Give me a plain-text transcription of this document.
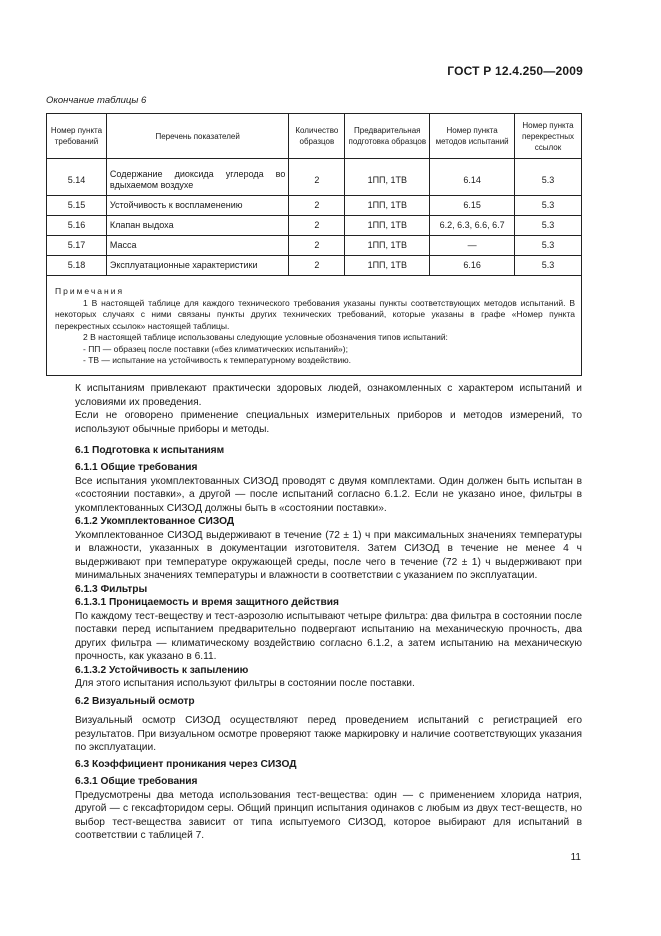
ГОСТ Р 12.4.250—2009
Окончание таблицы 6
Номер пункта требований	Перечень показателей	Количество образцов	Предварительная подготовка образцов	Номер пункта методов испытаний	Номер пункта перекрестных ссылок

5.14	Содержание диоксида углерода во вдыхаемом воздухе	2	1ПП, 1ТВ	6.14	5.3
5.15	Устойчивость к воспламенению	2	1ПП, 1ТВ	6.15	5.3
5.16	Клапан выдоха	2	1ПП, 1ТВ	6.2, 6.3, 6.6, 6.7	5.3
5.17	Масса	2	1ПП, 1ТВ	—	5.3
5.18	Эксплуатационные характеристики	2	1ПП, 1ТВ	6.16	5.3

Примечания
1 В настоящей таблице для каждого технического требования указаны пункты соответствующих методов испытаний. В некоторых случаях с ними связаны пункты других технических требований, которые указаны в графе «Номер пункта перекрестных ссылок» настоящей таблицы.
2 В настоящей таблице использованы следующие условные обозначения типов испытаний:
- ПП — образец после поставки («без климатических испытаний»);
- ТВ — испытание на устойчивость к температурному воздействию.					

К испытаниям привлекают практически здоровых людей, ознакомленных с характером испытаний и условиями их проведения.

Если не оговорено применение специальных измерительных приборов и методов измерений, то используют обычные приборы и методы.

6.1 Подготовка к испытаниям

6.1.1 Общие требования

Все испытания укомплектованных СИЗОД проводят с двумя комплектами. Один должен быть испытан в «состоянии поставки», а другой — после испытаний согласно 6.1.2. Если не указано иное, фильтры в укомплектованных СИЗОД должны быть в «состоянии поставки».

6.1.2 Укомплектованное СИЗОД

Укомплектованное СИЗОД выдерживают в течение (72 ± 1) ч при максимальных значениях температуры и влажности, указанных в документации изготовителя. Затем СИЗОД в течение не менее 4 ч выдерживают при температуре окружающей среды, после чего в течение (72 ± 1) ч выдерживают при минимальных значениях температуры и влажности в соответствии с указанием по эксплуатации.

6.1.3 Фильтры

6.1.3.1 Проницаемость и время защитного действия

По каждому тест-веществу и тест-аэрозолю испытывают четыре фильтра: два фильтра в состоянии после поставки перед испытанием предварительно подвергают испытанию на механическую прочность, два других фильтра — климатическому воздействию согласно 6.1.2, а затем испытанию на механическую прочность, как указано в 6.11.

6.1.3.2 Устойчивость к запылению

Для этого испытания используют фильтры в состоянии после поставки.

6.2 Визуальный осмотр

Визуальный осмотр СИЗОД осуществляют перед проведением испытаний с регистрацией его результатов. При визуальном осмотре проверяют также маркировку и наличие соответствующих указания по эксплуатации.

6.3 Коэффициент проникания через СИЗОД

6.3.1 Общие требования

Предусмотрены два метода использования тест-вещества: один — с применением хлорида натрия, другой — с гексафторидом серы. Общий принцип испытания одинаков с любым из двух тест-веществ, но выбор тест-вещества зависит от типа испытуемого СИЗОД, которое выбирают для испытаний в соответствии с таблицей 7.

11
